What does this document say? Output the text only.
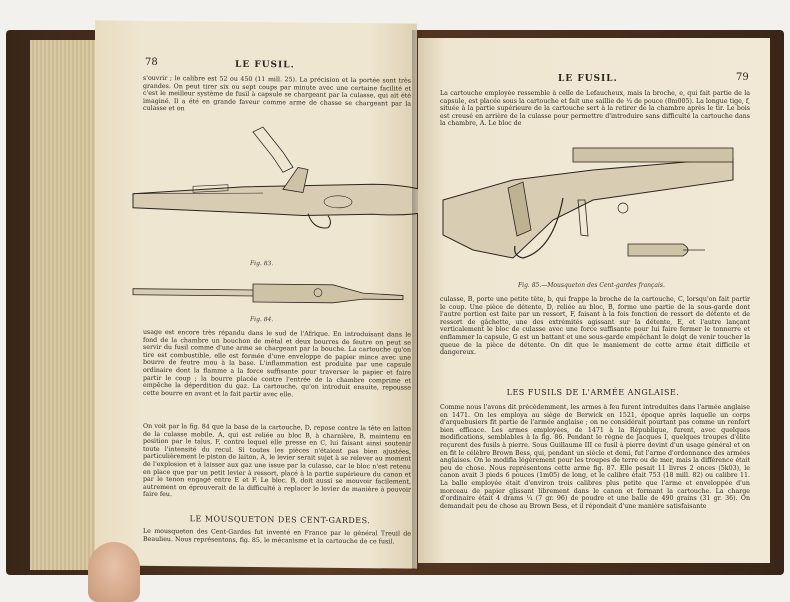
78	LE FUSIL.
s'ouvrir ; le calibre est 52 ou 450 (11 mill. 25). La précision et la portée sont très grandes. On peut tirer six ou sept coups par minute avec une certaine facilité et c'est le meilleur système de fusil à capsule se chargeant par la culasse, qui ait été imaginé. Il a été en grande faveur comme arme de chasse se chargeant par la culasse et on
Fig. 83.
Fig. 84.
usage est encore très répandu dans le sud de l'Afrique. En introduisant dans le fond de la chambre un bouchon de métal et deux bourres de feutre on peut se servir du fusil comme d'une arme se chargeant par la bouche. La cartouche qu'on tire est combustible, elle est formée d'une enveloppe de papier mince avec une bourre de feutre mou à la base. L'inflammation est produite par une capsule ordinaire dont la flamme a la force suffisante pour traverser le papier et faire partir le coup ; la bourre placée contre l'entrée de la chambre comprime et empêche la déperdition du gaz. La cartouche, qu'on introduit ensuite, repousse cette bourre en avant et la fait partir avec elle.
On voit par la fig. 84 que la base de la cartouche, D, repose contre la tête en laiton de la culasse mobile, A, qui est reliée au bloc B, à charnière, B, maintenu en position par le talus, F, contre lequel elle presse en C, lui faisant ainsi soutenir toute l'intensité du recul. Si toutes les pièces n'étaient pas bien ajustées, particulièrement le piston de laiton, A, le levier serait sujet à se relever au moment de l'explosion et à laisser aux gaz une issue par la culasse, car le bloc n'est retenu en place que par un petit levier à ressort, placé à la partie supérieure du canon et par le tenon engagé entre E et F. Le bloc, B, doit aussi se mouvoir facilement, autrement on éprouverait de la difficulté à replacer le levier de manière à pouvoir faire feu.
LE MOUSQUETON DES CENT-GARDES.
Le mousqueton des Cent-Gardes fut inventé en France par le général Treuil de Beaulieu. Nous représentons, fig. 85, le mécanisme et la cartouche de ce fusil.
LE FUSIL.	79
La cartouche employée ressemble à celle de Lefaucheux, mais la broche, e, qui fait partie de la capsule, est placée sous la cartouche et fait une saillie de ¼ de pouce (0m005). La longue tige, f, située à la partie supérieure de la cartouche sert à la retirer de la chambre après le tir. Le bois est creusé en arrière de la culasse pour permettre d'introduire sans difficulté la cartouche dans la chambre, A. Le bloc de
Fig. 85.—Mousqueton des Cent-gardes français.
culasse, B, porte une petite tête, b, qui frappe la broche de la cartouche, C, lorsqu'on fait partir le coup. Une pièce de détente, D, reliée au bloc, B, forme une partie de la sous-garde dont l'autre portion est faite par un ressort, F, faisant à la fois fonction de ressort de détente et de ressort de gâchette, une des extrémités agissant sur la détente, E, et l'autre lançant verticalement le bloc de culasse avec une force suffisante pour lui faire fermer le tonnerre et enflammer la capsule, G est un battant et une sous-garde empêchant le doigt de venir toucher la queue de la pièce de détente. On dit que le maniement de cette arme était difficile et dangereux.
LES FUSILS DE L'ARMÉE ANGLAISE.
Comme nous l'avons dit précédemment, les armes à feu furent introduites dans l'armée anglaise en 1471. On les employa au siège de Berwick en 1521, époque après laquelle un corps d'arquebusiers fit partie de l'armée anglaise ; on ne considérait pourtant pas comme un renfort bien efficace. Les armes employées, de 1471 à la République, furent, avec quelques modifications, semblables à la fig. 86. Pendant le règne de Jacques I, quelques troupes d'élite reçurent des fusils à pierre. Sous Guillaume III ce fusil à pierre devint d'un usage général et on en fit le célèbre Brown Bess, qui, pendant un siècle et demi, fut l'arme d'ordonnance des armées anglaises. On le modifia légèrement pour les troupes de terre ou de mer, mais la différence était peu de chose. Nous représentons cette arme fig. 87. Elle pesait 11 livres 2 onces (5k03), le canon avait 3 pieds 6 pouces (1m05) de long, et le calibre était 753 (18 mill. 82) ou calibre 11. La balle employée était d'environ trois calibres plus petite que l'arme et enveloppée d'un morceau de papier glissant librement dans le canon et formant la cartouche. La charge d'ordinaire était 4 drams ¼ (7 gr. 96) de poudre et une balle de 490 grains (31 gr. 36). On demandait peu de chose au Brown Bess, et il répondait d'une manière satisfaisante
